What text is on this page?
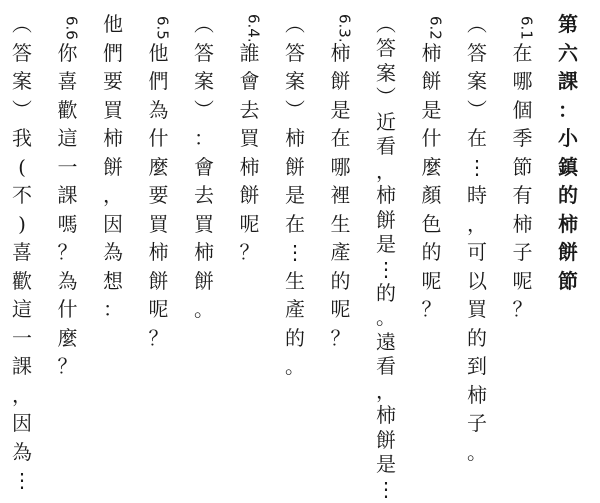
第
六
課
：
小
鎮
的
柿
餅
節
6.1
在
哪
個
季
節
有
柿
子
呢
？
︵
答
案
︶
在
⋮
時
，
可
以
買
的
到
柿
子
。
6.2
柿
餅
是
什
麼
顏
色
的
呢
？
︵
答
案
︶
近
看
，
柿
餅
是
⋮
的
。
遠
看
，
柿
餅
是
⋮
6.3.
柿
餅
是
在
哪
裡
生
產
的
呢
？
︵
答
案
︶
柿
餅
是
在
⋮
生
產
的
。
6.4.
誰
會
去
買
柿
餅
呢
？
︵
答
案
︶
：
會
去
買
柿
餅
。
6.5
他
們
為
什
麼
要
買
柿
餅
呢
？
他
們
要
買
柿
餅
，
因
為
想
：
6.6
你
喜
歡
這
一
課
嗎
？
為
什
麼
？
︵
答
案
︶
我
(
不
)
喜
歡
這
一
課
，
因
為
⋮
